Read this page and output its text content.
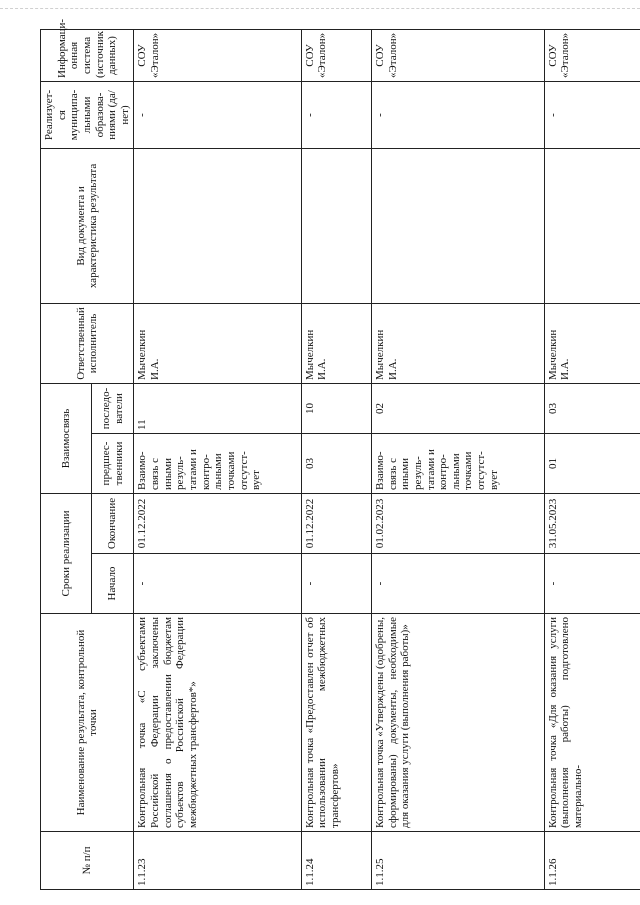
№ п/п	Наименование результата, контрольной точки	Сроки реализации		Взаимосвязь		Ответственный исполнитель	Вид документа и характеристика результата	Реализует-ся муниципа-льными образова-ниями (да/нет)	Информаци-онная система (источник данных)
		Начало	Окончание	предшес-твенники	последо-ватели				
1.1.23	Контрольная точка «С субъектами Российской Федерации заключены соглашения о предоставлении бюджетам субъектов Российской Федерации межбюджетных трансфертов*»	-	01.12.2022	Взаимо-связь с иными резуль-татами и контро-льными точками отсутст-вует	11	Мычелкин И.А.		-	СОУ «Эталон»
1.1.24	Контрольная точка «Предоставлен отчет об использовании межбюджетных трансфертов»	-	01.12.2022	03	10	Мычелкин И.А.		-	СОУ «Эталон»
1.1.25	Контрольная точка «Утверждены (одобрены, сформированы) документы, необходимые для оказания услуги (выполнения работы)»	-	01.02.2023	Взаимо-связь с иными резуль-татами и контро-льными точками отсутст-вует	02	Мычелкин И.А.		-	СОУ «Эталон»
1.1.26	Контрольная точка «Для оказания услуги (выполнения работы) подготовлено материально-	-	31.05.2023	01	03	Мычелкин И.А.		-	СОУ «Эталон»
